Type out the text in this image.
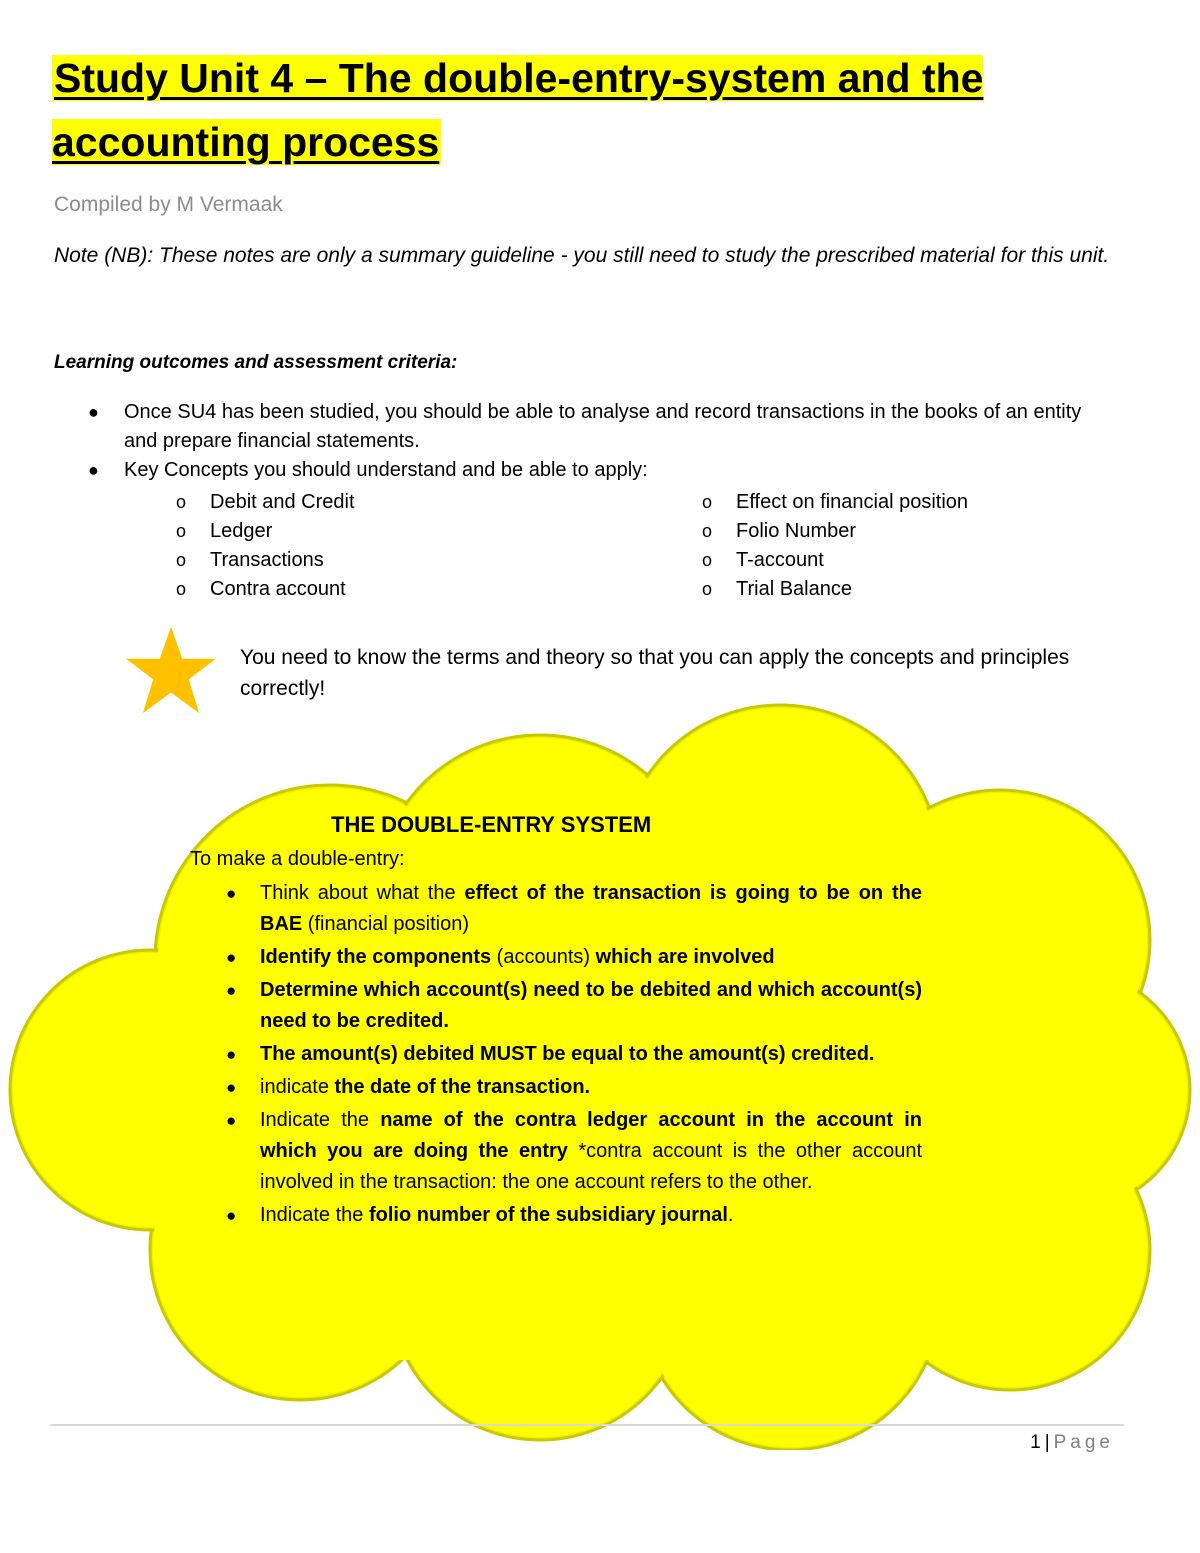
Study Unit 4 – The double-entry-system and the accounting process
Compiled by M Vermaak
Note (NB): These notes are only a summary guideline - you still need to study the prescribed material for this unit.
Learning outcomes and assessment criteria:
● Once SU4 has been studied, you should be able to analyse and record transactions in the books of an entity and prepare financial statements.
● Key Concepts you should understand and be able to apply:
o Debit and Credit
o Ledger
o Transactions
o Contra account
o Effect on financial position
o Folio Number
o T-account
o Trial Balance
You need to know the terms and theory so that you can apply the concepts and principles correctly!
THE DOUBLE-ENTRY SYSTEM
To make a double-entry:
● Think about what the effect of the transaction is going to be on the BAE (financial position)
● Identify the components (accounts) which are involved
● Determine which account(s) need to be debited and which account(s) need to be credited.
● The amount(s) debited MUST be equal to the amount(s) credited.
● indicate the date of the transaction.
● Indicate the name of the contra ledger account in the account in which you are doing the entry *contra account is the other account involved in the transaction: the one account refers to the other.
● Indicate the folio number of the subsidiary journal.
1 | Page
